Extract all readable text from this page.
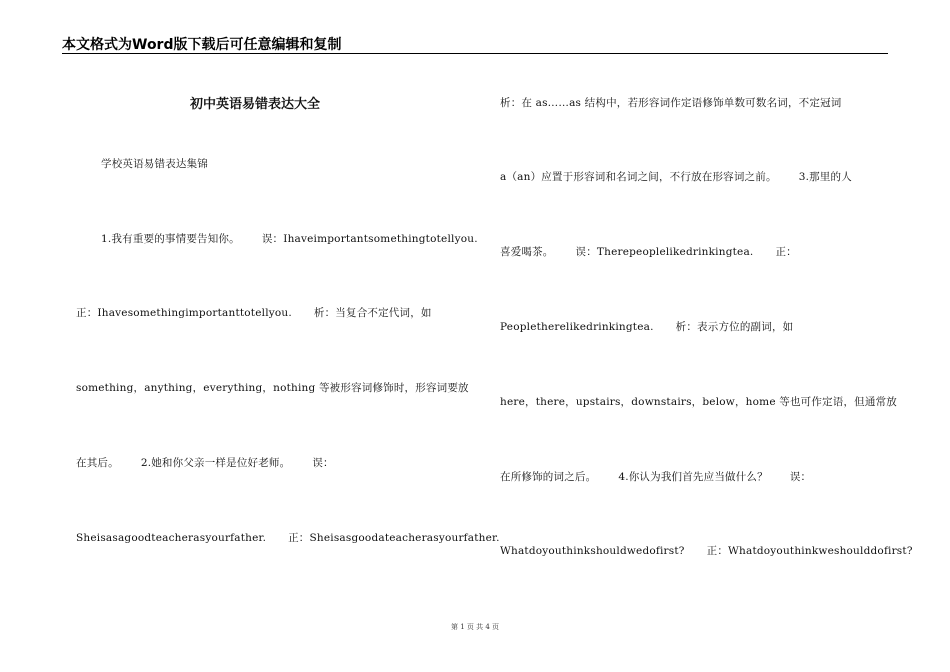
本文格式为Word版下载后可任意编辑和复制
初中英语易错表达大全
学校英语易错表达集锦
1.我有重要的事情要告知你。 误：Ihaveimportantsomethingtotellyou.
正：Ihavesomethingimportanttotellyou. 析：当复合不定代词，如
something，anything，everything，nothing 等被形容词修饰时，形容词要放
在其后。 2.她和你父亲一样是位好老师。 误：
Sheisasagoodteacherasyourfather. 正：Sheisasgoodateacherasyourfather.
析：在 as……as 结构中，若形容词作定语修饰单数可数名词，不定冠词
a（an）应置于形容词和名词之间，不行放在形容词之前。 3.那里的人
喜爱喝茶。 误：Therepeoplelikedrinkingtea. 正：
Peopletherelikedrinkingtea. 析：表示方位的副词，如
here，there，upstairs，downstairs，below，home 等也可作定语，但通常放
在所修饰的词之后。 4.你认为我们首先应当做什么？ 误：
Whatdoyouthinkshouldwedofirst? 正：Whatdoyouthinkweshoulddofirst?
第 1 页 共 4 页
